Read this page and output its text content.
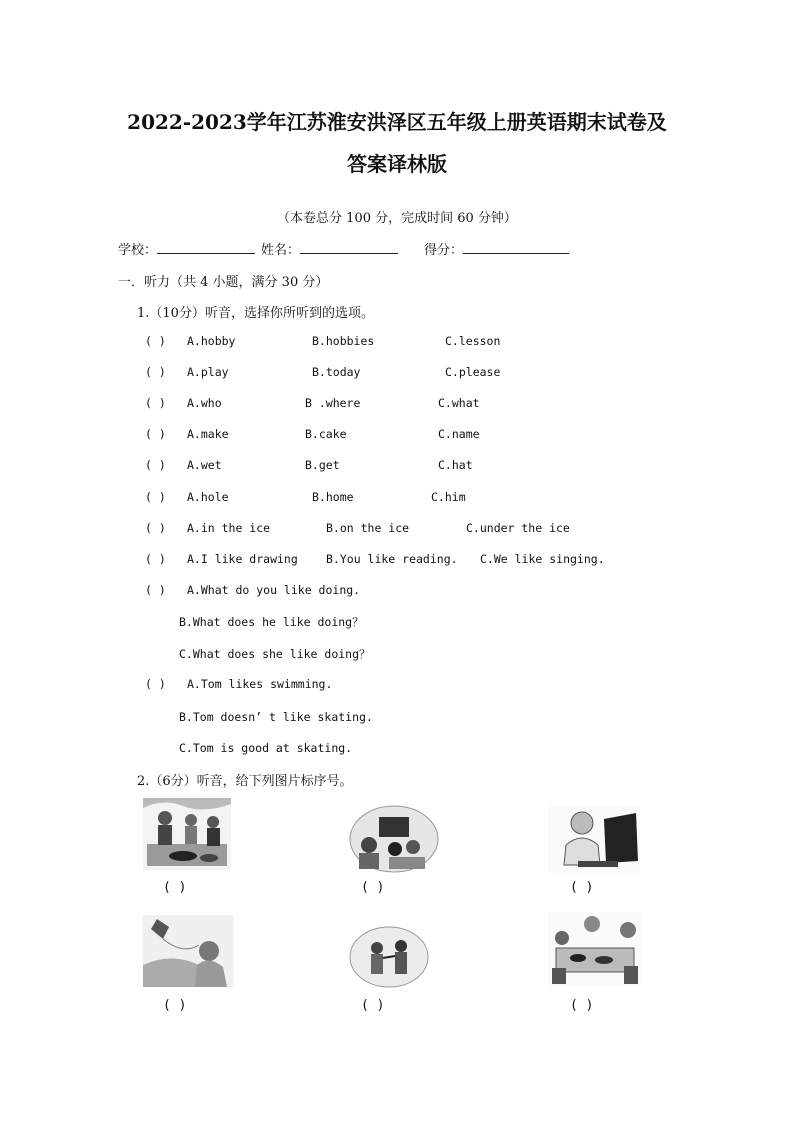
2022-2023学年江苏淮安洪泽区五年级上册英语期末试卷及
答案译林版
（本卷总分 100 分，完成时间 60 分钟）
学校：	姓名：	得分：
一．听力（共 4 小题，满分 30 分）
1.（10分）听音，选择你所听到的选项。
( ) A.hobby	B.hobbies	C.lesson
( ) A.play	B.today	C.please
( ) A.who	B .where	C.what
( ) A.make	B.cake	C.name
( ) A.wet	B.get	C.hat
( ) A.hole	B.home	C.him
( ) A.in the ice	B.on the ice	C.under the ice
( ) A.I like drawing B.You like reading. C.We like singing.
( ) A.What do you like doing.
B.What does he like doing？
C.What does she like doing？
( ) A.Tom likes swimming.
B.Tom doesn’ t like skating.
C.Tom is good at skating.
2.（6分）听音，给下列图片标序号。
( )	( )	( )
( )	( )	( )
